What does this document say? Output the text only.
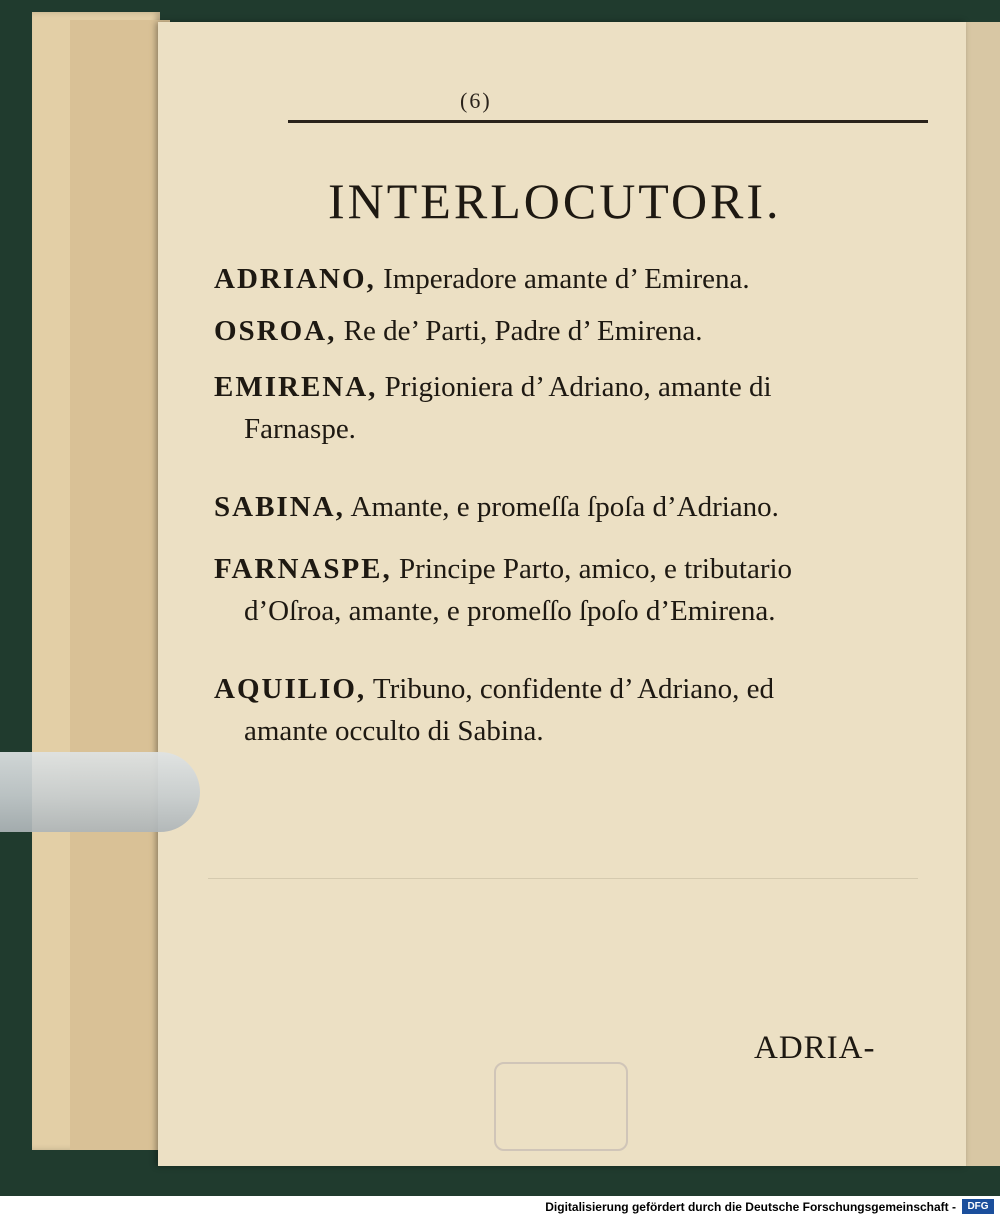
(6)
INTERLOCUTORI.
ADRIANO, Imperadore amante d’ Emirena.
OSROA, Re de’ Parti, Padre d’ Emirena.
EMIRENA, Prigioniera d’ Adriano, amante di
Farnaspe.
SABINA, Amante, e promeſſa ſpoſa d’Adriano.
FARNASPE, Principe Parto, amico, e tributario
d’Oſroa, amante, e promeſſo ſpoſo d’Emirena.
AQUILIO, Tribuno, confidente d’ Adriano, ed
amante occulto di Sabina.
ADRIA-
Digitalisierung gefördert durch die Deutsche Forschungsgemeinschaft -	DFG
